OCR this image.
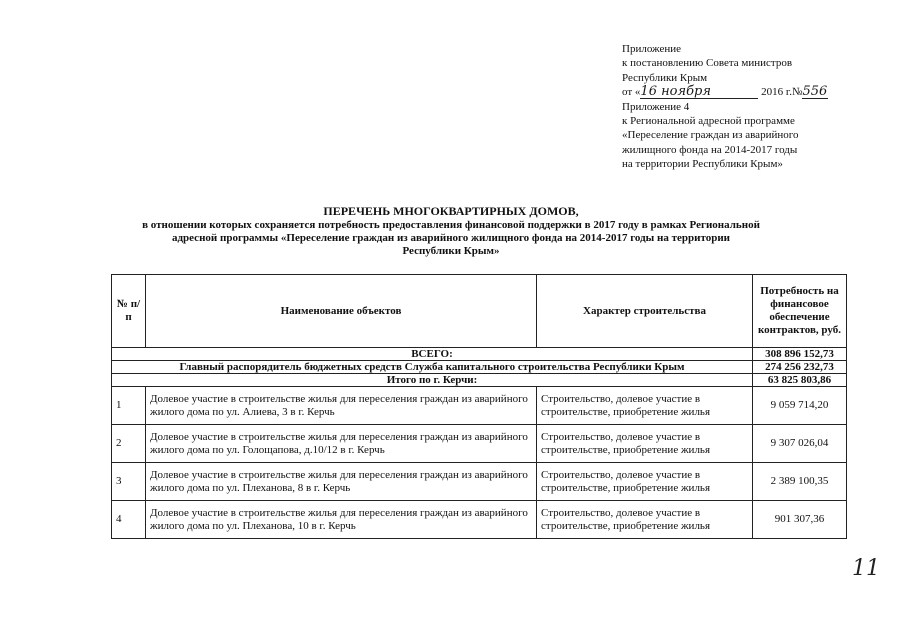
Приложение
к постановлению Совета министров
Республики Крым
от «16 ноября	2016 г.№556
Приложение 4
к Региональной адресной программе
«Переселение граждан из аварийного
жилищного фонда на 2014-2017 годы
на территории Республики Крым»
ПЕРЕЧЕНЬ МНОГОКВАРТИРНЫХ ДОМОВ,
в отношении которых сохраняется потребность предоставления финансовой поддержки в 2017 году в рамках Региональной
адресной программы «Переселение граждан из аварийного жилищного фонда на 2014-2017 годы на территории
Республики Крым»
№ п/п	Наименование объектов	Характер строительства	Потребность на финансовое обеспечение контрактов, руб.
ВСЕГО:			308 896 152,73
Главный распорядитель бюджетных средств Служба капитального строительства Республики Крым			274 256 232,73
Итого по г. Керчи:			63 825 803,86
1	Долевое участие в строительстве жилья для переселения граждан из аварийного жилого дома по ул. Алиева, 3 в г. Керчь	Строительство, долевое участие в строительстве, приобретение жилья	9 059 714,20
2	Долевое участие в строительстве жилья для переселения граждан из аварийного жилого дома по ул. Голощапова, д.10/12 в г. Керчь	Строительство, долевое участие в строительстве, приобретение жилья	9 307 026,04
3	Долевое участие в строительстве жилья для переселения граждан из аварийного жилого дома по ул. Плеханова, 8 в г. Керчь	Строительство, долевое участие в строительстве, приобретение жилья	2 389 100,35
4	Долевое участие в строительстве жилья для переселения граждан из аварийного жилого дома по ул. Плеханова, 10 в г. Керчь	Строительство, долевое участие в строительстве, приобретение жилья	901 307,36
11
